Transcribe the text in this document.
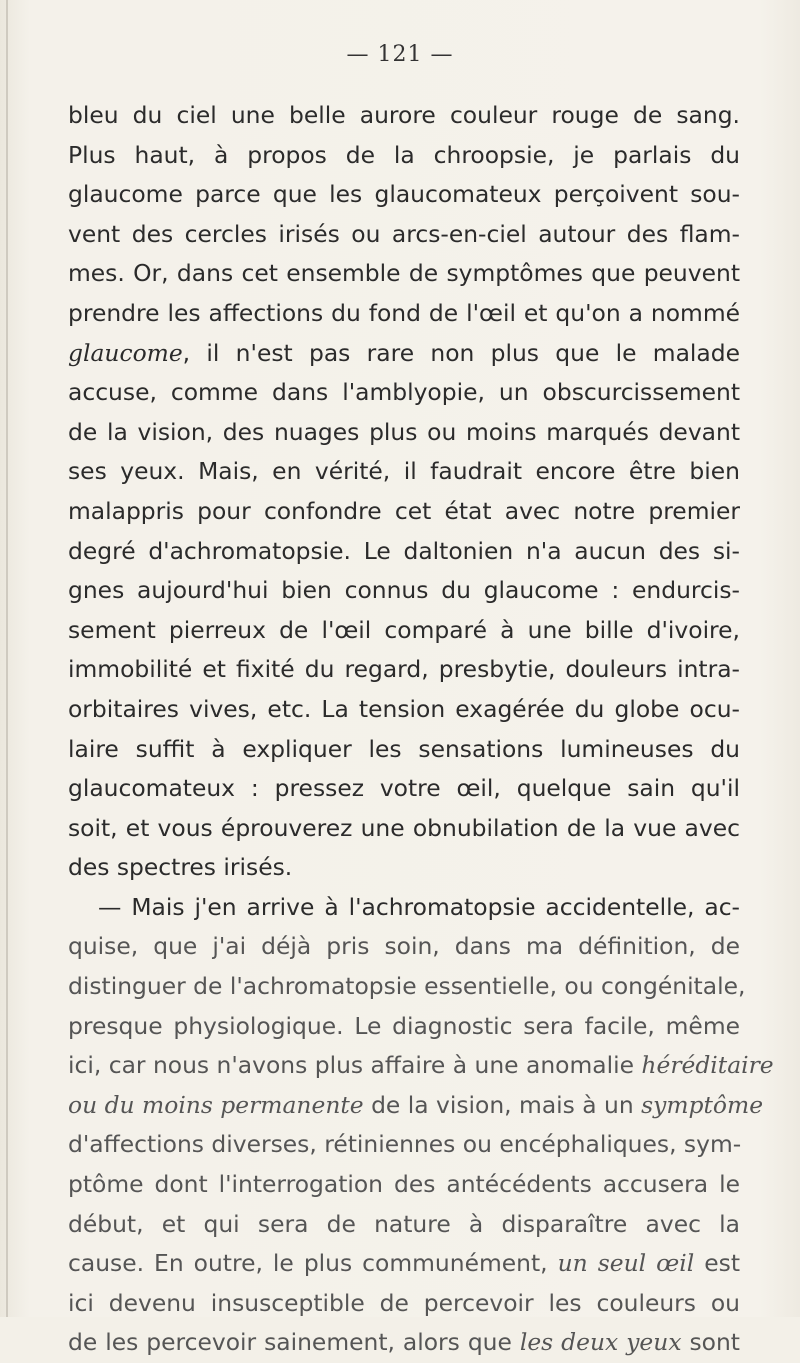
— 121 —
bleu du ciel une belle aurore couleur rouge de sang.
Plus haut, à propos de la chroopsie, je parlais du
glaucome parce que les glaucomateux perçoivent sou-
vent des cercles irisés ou arcs-en-ciel autour des flam-
mes. Or, dans cet ensemble de symptômes que peuvent
prendre les affections du fond de l'œil et qu'on a nommé
glaucome, il n'est pas rare non plus que le malade
accuse, comme dans l'amblyopie, un obscurcissement
de la vision, des nuages plus ou moins marqués devant
ses yeux. Mais, en vérité, il faudrait encore être bien
malappris pour confondre cet état avec notre premier
degré d'achromatopsie. Le daltonien n'a aucun des si-
gnes aujourd'hui bien connus du glaucome : endurcis-
sement pierreux de l'œil comparé à une bille d'ivoire,
immobilité et fixité du regard, presbytie, douleurs intra-
orbitaires vives, etc. La tension exagérée du globe ocu-
laire suffit à expliquer les sensations lumineuses du
glaucomateux : pressez votre œil, quelque sain qu'il
soit, et vous éprouverez une obnubilation de la vue avec
des spectres irisés.
— Mais j'en arrive à l'achromatopsie accidentelle, ac-
quise, que j'ai déjà pris soin, dans ma définition, de
distinguer de l'achromatopsie essentielle, ou congénitale,
presque physiologique. Le diagnostic sera facile, même
ici, car nous n'avons plus affaire à une anomalie héréditaire
ou du moins permanente de la vision, mais à un symptôme
d'affections diverses, rétiniennes ou encéphaliques, sym-
ptôme dont l'interrogation des antécédents accusera le
début, et qui sera de nature à disparaître avec la
cause. En outre, le plus communément, un seul œil est
ici devenu insusceptible de percevoir les couleurs ou
de les percevoir sainement, alors que les deux yeux sont
